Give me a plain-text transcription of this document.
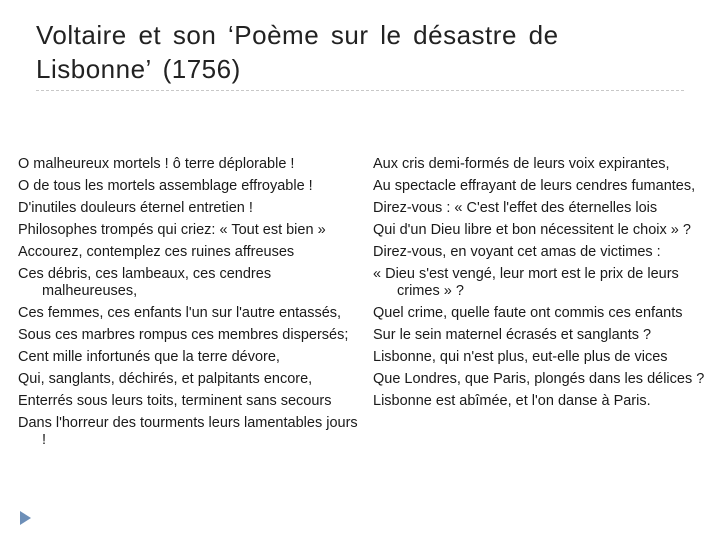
Voltaire et son ‘Poème sur le désastre de
Lisbonne’ (1756)
O malheureux mortels ! ô terre déplorable !
O de tous les mortels assemblage effroyable !
D'inutiles douleurs éternel entretien !
Philosophes trompés qui criez: « Tout est bien »
Accourez, contemplez ces ruines affreuses
Ces débris, ces lambeaux, ces cendres malheureuses,
Ces femmes, ces enfants l'un sur l'autre entassés,
Sous ces marbres rompus ces membres dispersés;
Cent mille infortunés que la terre dévore,
Qui, sanglants, déchirés, et palpitants encore,
Enterrés sous leurs toits, terminent sans secours
Dans l'horreur des tourments leurs lamentables jours !
Aux cris demi-formés de leurs voix expirantes,
Au spectacle effrayant de leurs cendres fumantes,
Direz-vous : « C'est l'effet des éternelles lois
Qui d'un Dieu libre et bon nécessitent le choix » ?
Direz-vous, en voyant cet amas de victimes :
« Dieu s'est vengé, leur mort est le prix de leurs crimes » ?
Quel crime, quelle faute ont commis ces enfants
Sur le sein maternel écrasés et sanglants ?
Lisbonne, qui n'est plus, eut-elle plus de vices
Que Londres, que Paris, plongés dans les délices ?
Lisbonne est abîmée, et l'on danse à Paris.
